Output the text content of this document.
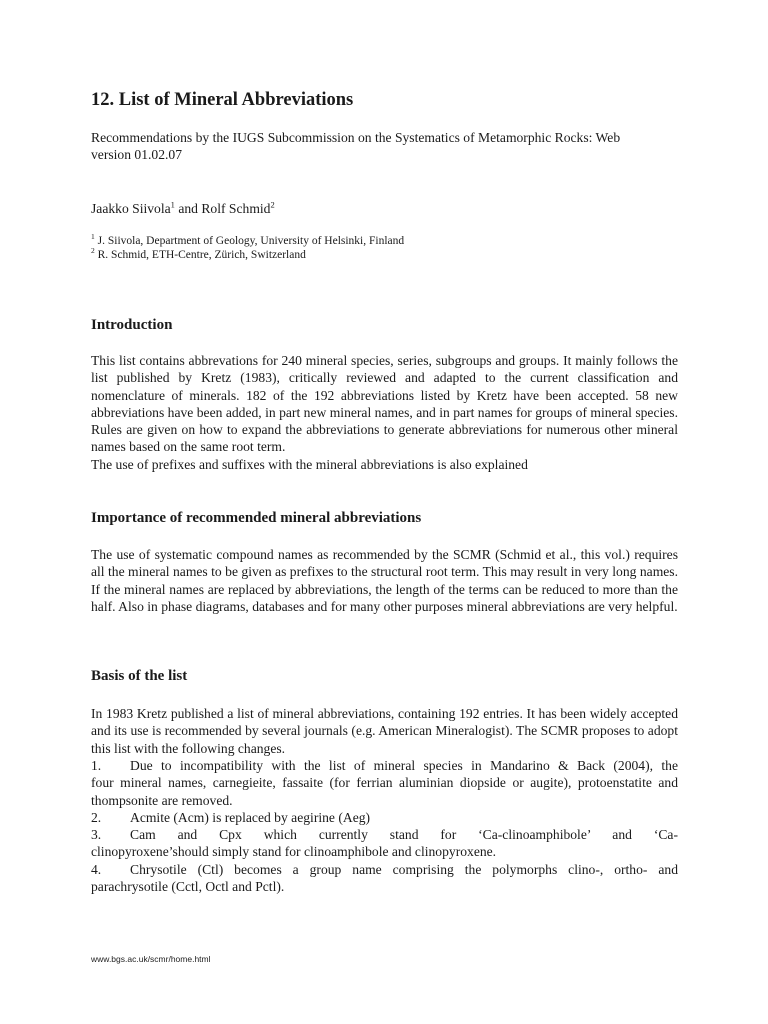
12. List of Mineral Abbreviations
Recommendations by the IUGS Subcommission on the Systematics of Metamorphic Rocks: Web
version 01.02.07
Jaakko Siivola$^1$ and Rolf Schmid$^2$
$^1$ J. Siivola, Department of Geology, University of Helsinki, Finland
$^2$ R. Schmid, ETH-Centre, Zürich, Switzerland
Introduction
This list contains abbrevations for 240 mineral species, series, subgroups and groups. It mainly follows the list published by Kretz (1983), critically reviewed and adapted to the current classification and nomenclature of minerals. 182 of the 192 abbreviations listed by Kretz have been accepted. 58 new abbreviations have been added, in part new mineral names, and in part names for groups of mineral species. Rules are given on how to expand the abbreviations to generate abbreviations for numerous other mineral names based on the same root term.
The use of prefixes and suffixes with the mineral abbreviations is also explained
Importance of recommended mineral abbreviations
The use of systematic compound names as recommended by the SCMR (Schmid et al., this vol.) requires all the mineral names to be given as prefixes to the structural root term. This may result in very long names. If the mineral names are replaced by abbreviations, the length of the terms can be reduced to more than the half. Also in phase diagrams, databases and for many other purposes mineral abbreviations are very helpful.
Basis of the list
In 1983 Kretz published a list of mineral abbreviations, containing 192 entries. It has been widely accepted and its use is recommended by several journals (e.g. American Mineralogist). The SCMR proposes to adopt this list with the following changes.
1. Due to incompatibility with the list of mineral species in Mandarino & Back (2004), the
four mineral names, carnegieite, fassaite (for ferrian aluminian diopside or augite), protoenstatite and thompsonite are removed.
2. Acmite (Acm) is replaced by aegirine (Aeg)
3. Cam and Cpx which currently stand for ‘Ca-clinoamphibole’ and ‘Ca-
clinopyroxene’should simply stand for clinoamphibole and clinopyroxene.
4. Chrysotile (Ctl) becomes a group name comprising the polymorphs clino-, ortho- and
parachrysotile (Cctl, Octl and Pctl).
www.bgs.ac.uk/scmr/home.html
